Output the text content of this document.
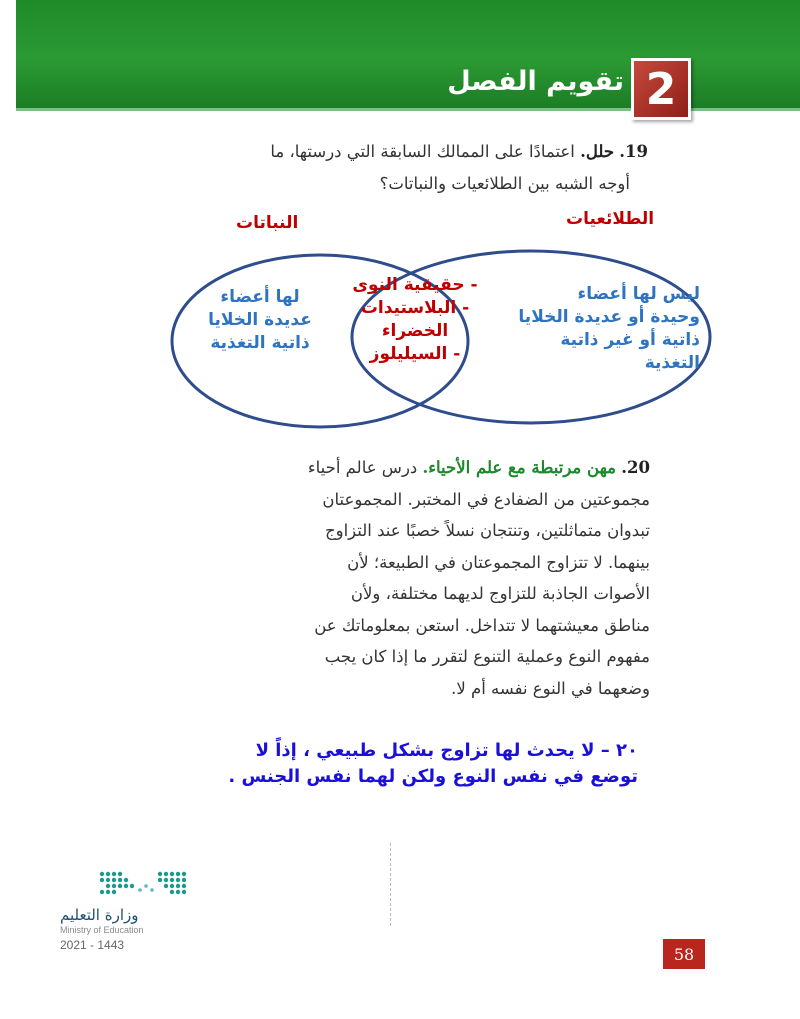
2
تقويم الفصل
19. حلل. اعتمادًا على الممالك السابقة التي درستها، ما
أوجه الشبه بين الطلائعيات والنباتات؟
النباتات	الطلائعيات
لها أعضاء
عديدة الخلايا
ذاتية التغذية
- حقيقية النوى
- البلاستيدات
الخضراء
- السيليلوز
ليس لها أعضاء
وحيدة أو عديدة الخلايا
ذاتية أو غير ذاتية
التغذية
20. مهن مرتبطة مع علم الأحياء. درس عالم أحياء
مجموعتين من الضفادع في المختبر. المجموعتان
تبدوان متماثلتين، وتنتجان نسلاً خصبًا عند التزاوج
بينهما. لا تتزاوج المجموعتان في الطبيعة؛ لأن
الأصوات الجاذبة للتزاوج لديهما مختلفة، ولأن
مناطق معيشتهما لا تتداخل. استعن بمعلوماتك عن
مفهوم النوع وعملية التنوع لتقرر ما إذا كان يجب
وضعهما في النوع نفسه أم لا.
٢٠ – لا يحدث لها تزاوج بشكل طبيعي ، إذاً لا
توضع في نفس النوع ولكن لهما نفس الجنس .
وزارة التعليم
Ministry of Education
2021 - 1443	58
